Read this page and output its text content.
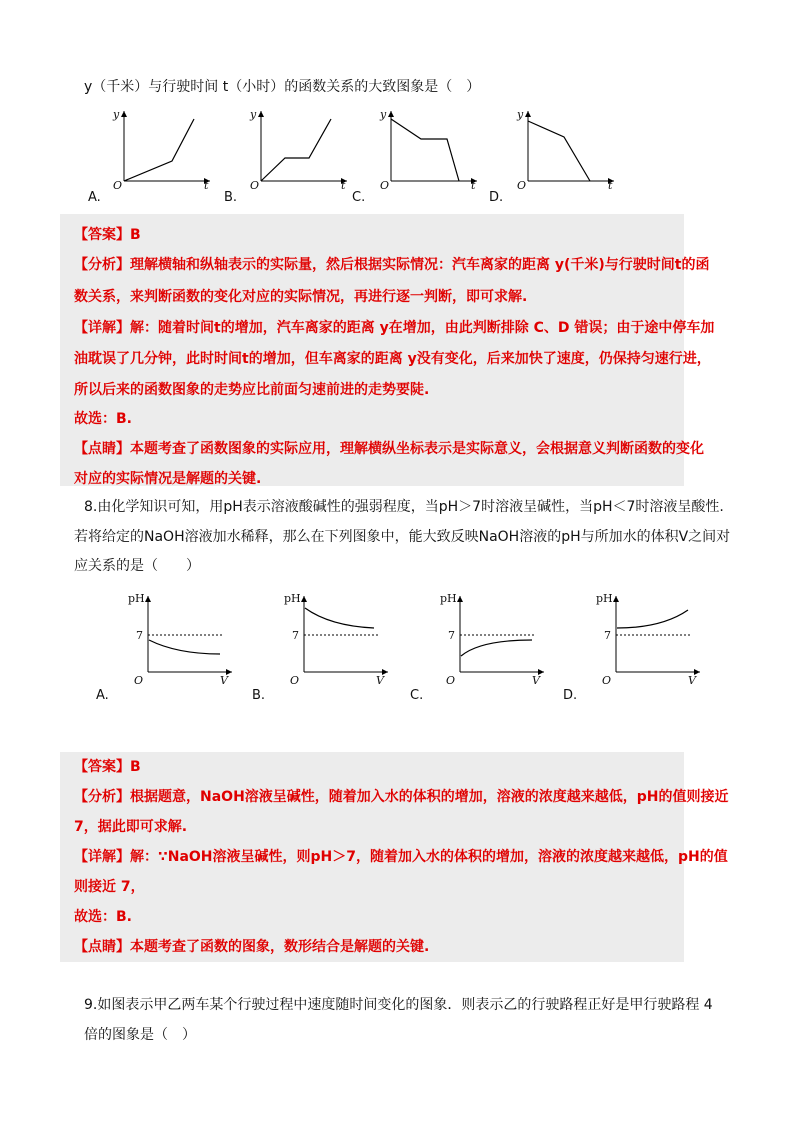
y（千米）与行驶时间 t（小时）的函数关系的大致图象是（　）
y
t
O
y
t
O
y
t
O
y
t
O
A.	B.	C.	D.
【答案】B
【分析】理解横轴和纵轴表示的实际量，然后根据实际情况：汽车离家的距离 y(千米)与行驶时间t的函
数关系，来判断函数的变化对应的实际情况，再进行逐一判断，即可求解.
【详解】解：随着时间t的增加，汽车离家的距离 y在增加，由此判断排除 C、D 错误；由于途中停车加
油耽误了几分钟，此时时间t的增加，但车离家的距离 y没有变化，后来加快了速度，仍保持匀速行进，
所以后来的函数图象的走势应比前面匀速前进的走势要陡.
故选：B.
【点睛】本题考查了函数图象的实际应用，理解横纵坐标表示是实际意义，会根据意义判断函数的变化
对应的实际情况是解题的关键.
8.由化学知识可知，用pH表示溶液酸碱性的强弱程度，当pH＞7时溶液呈碱性，当pH＜7时溶液呈酸性.
若将给定的NaOH溶液加水稀释，那么在下列图象中，能大致反映NaOH溶液的pH与所加水的体积V之间对
应关系的是（　　）
pH
7
O	V
pH
7
O	V
pH
7
O	V
pH
7
O	V
A.	B.	C.	D.
【答案】B
【分析】根据题意，NaOH溶液呈碱性，随着加入水的体积的增加，溶液的浓度越来越低，pH的值则接近
7，据此即可求解.
【详解】解：∵NaOH溶液呈碱性，则pH＞7，随着加入水的体积的增加，溶液的浓度越来越低，pH的值
则接近 7，
故选：B.
【点睛】本题考查了函数的图象，数形结合是解题的关键.
9.如图表示甲乙两车某个行驶过程中速度随时间变化的图象．则表示乙的行驶路程正好是甲行驶路程 4
倍的图象是（　）
